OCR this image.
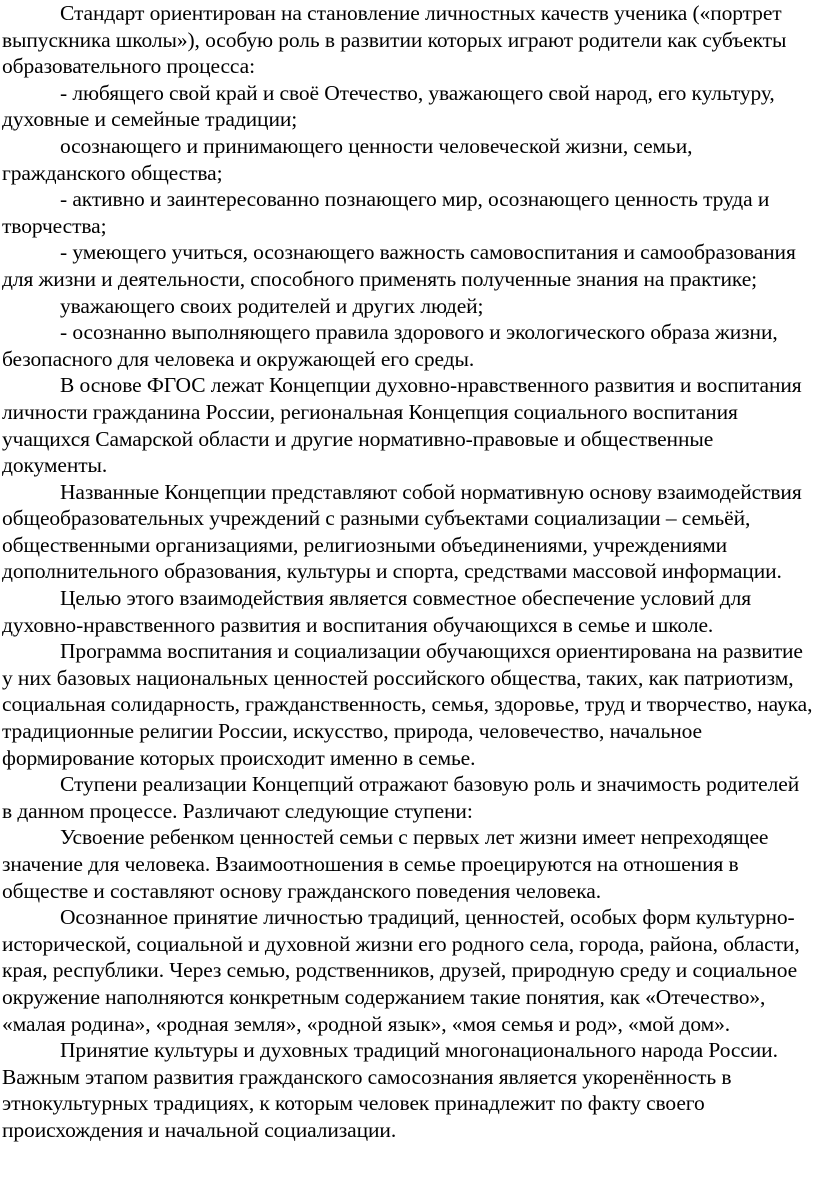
Стандарт ориентирован на становление личностных качеств ученика («портрет выпускника школы»), особую роль в развитии которых играют родители как субъекты образовательного процесса:

- любящего свой край и своё Отечество, уважающего свой народ, его культуру, духовные и семейные традиции;

осознающего и принимающего ценности человеческой жизни, семьи, гражданского общества;

- активно и заинтересованно познающего мир, осознающего ценность труда и творчества;

- умеющего учиться, осознающего важность самовоспитания и самообразования для жизни и деятельности, способного применять полученные знания на практике;

уважающего своих родителей и других людей;

- осознанно выполняющего правила здорового и экологического образа жизни, безопасного для человека и окружающей его среды.

В основе ФГОС лежат Концепции духовно-нравственного развития и воспитания личности гражданина России, региональная Концепция социального воспитания учащихся Самарской области и другие нормативно-правовые и общественные документы.

Названные Концепции представляют собой нормативную основу взаимодействия общеобразовательных учреждений с разными субъектами социализации – семьёй, общественными организациями, религиозными объединениями, учреждениями дополнительного образования, культуры и спорта, средствами массовой информации.

Целью этого взаимодействия является совместное обеспечение условий для духовно-нравственного развития и воспитания обучающихся в семье и школе.

Программа воспитания и социализации обучающихся ориентирована на развитие у них базовых национальных ценностей российского общества, таких, как патриотизм, социальная солидарность, гражданственность, семья, здоровье, труд и творчество, наука, традиционные религии России, искусство, природа, человечество, начальное формирование которых происходит именно в семье.

Ступени реализации Концепций отражают базовую роль и значимость родителей в данном процессе. Различают следующие ступени:

Усвоение ребенком ценностей семьи с первых лет жизни имеет непреходящее значение для человека. Взаимоотношения в семье проецируются на отношения в обществе и составляют основу гражданского поведения человека.

Осознанное принятие личностью традиций, ценностей, особых форм культурно-исторической, социальной и духовной жизни его родного села, города, района, области, края, республики. Через семью, родственников, друзей, природную среду и социальное окружение наполняются конкретным содержанием такие понятия, как «Отечество», «малая родина», «родная земля», «родной язык», «моя семья и род», «мой дом».

Принятие культуры и духовных традиций многонационального народа России. Важным этапом развития гражданского самосознания является укоренённость в этнокультурных традициях, к которым человек принадлежит по факту своего происхождения и начальной социализации.
